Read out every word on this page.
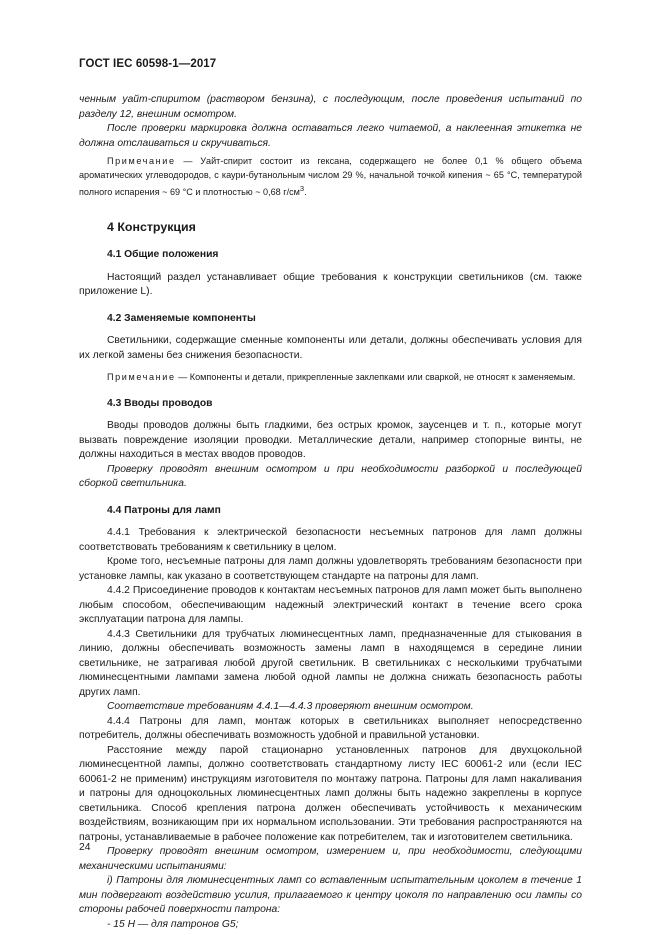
ГОСТ IEC 60598-1—2017

ченным уайт-спиритом (раствором бензина), с последующим, после проведения испытаний по разделу 12, внешним осмотром.

После проверки маркировка должна оставаться легко читаемой, а наклеенная этикетка не должна отслаиваться и скручиваться.

Примечание — Уайт-спирит состоит из гексана, содержащего не более 0,1 % общего объема ароматических углеводородов, с каури-бутанольным числом 29 %, начальной точкой кипения ~ 65 °С, температурой полного испарения ~ 69 °С и плотностью ~ 0,68 $г/см^3$.

4 Конструкция
4.1 Общие положения

Настоящий раздел устанавливает общие требования к конструкции светильников (см. также приложение L).

4.2 Заменяемые компоненты

Светильники, содержащие сменные компоненты или детали, должны обеспечивать условия для их легкой замены без снижения безопасности.

Примечание — Компоненты и детали, прикрепленные заклепками или сваркой, не относят к заменяемым.

4.3 Вводы проводов

Вводы проводов должны быть гладкими, без острых кромок, заусенцев и т. п., которые могут вызвать повреждение изоляции проводки. Металлические детали, например стопорные винты, не должны находиться в местах вводов проводов.

Проверку проводят внешним осмотром и при необходимости разборкой и последующей сборкой светильника.

4.4 Патроны для ламп

4.4.1 Требования к электрической безопасности несъемных патронов для ламп должны соответствовать требованиям к светильнику в целом.

Кроме того, несъемные патроны для ламп должны удовлетворять требованиям безопасности при установке лампы, как указано в соответствующем стандарте на патроны для ламп.

4.4.2 Присоединение проводов к контактам несъемных патронов для ламп может быть выполнено любым способом, обеспечивающим надежный электрический контакт в течение всего срока эксплуатации патрона для лампы.

4.4.3 Светильники для трубчатых люминесцентных ламп, предназначенные для стыкования в линию, должны обеспечивать возможность замены ламп в находящемся в середине линии светильнике, не затрагивая любой другой светильник. В светильниках с несколькими трубчатыми люминесцентными лампами замена любой одной лампы не должна снижать безопасность работы других ламп.

Соответствие требованиям 4.4.1—4.4.3 проверяют внешним осмотром.

4.4.4 Патроны для ламп, монтаж которых в светильниках выполняет непосредственно потребитель, должны обеспечивать возможность удобной и правильной установки.

Расстояние между парой стационарно установленных патронов для двухцокольной люминесцентной лампы, должно соответствовать стандартному листу IEC 60061-2 или (если IEC 60061-2 не применим) инструкциям изготовителя по монтажу патрона. Патроны для ламп накаливания и патроны для одноцокольных люминесцентных ламп должны быть надежно закреплены в корпусе светильника. Способ крепления патрона должен обеспечивать устойчивость к механическим воздействиям, возникающим при их нормальном использовании. Эти требования распространяются на патроны, устанавливаемые в рабочее положение как потребителем, так и изготовителем светильника.

Проверку проводят внешним осмотром, измерением и, при необходимости, следующими механическими испытаниями:

i) Патроны для люминесцентных ламп со вставленным испытательным цоколем в течение 1 мин подвергают воздействию усилия, прилагаемого к центру цоколя по направлению оси лампы со стороны рабочей поверхности патрона:

- 15 Н — для патронов G5;

24
